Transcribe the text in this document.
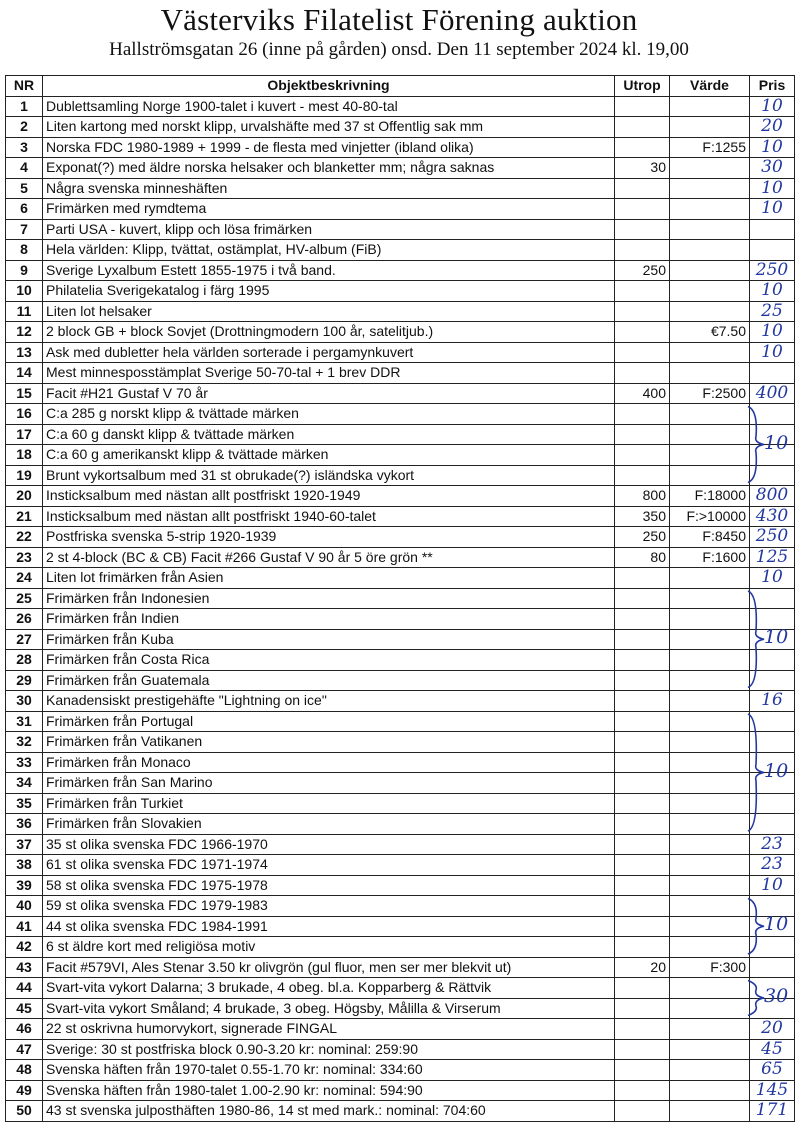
Västerviks Filatelist Förening auktion
Hallströmsgatan 26 (inne på gården) onsd. Den 11 september 2024 kl. 19,00
NR	Objektbeskrivning	Utrop	Värde	Pris
1	Dublettsamling Norge 1900-talet i kuvert - mest 40-80-tal			10
2	Liten kartong med norskt klipp, urvalshäfte med 37 st Offentlig sak mm			20
3	Norska FDC 1980-1989 + 1999 - de flesta med vinjetter (ibland olika)		F:1255	10
4	Exponat(?) med äldre norska helsaker och blanketter mm; några saknas	30		30
5	Några svenska minneshäften			10
6	Frimärken med rymdtema			10
7	Parti USA - kuvert, klipp och lösa frimärken			
8	Hela världen: Klipp, tvättat, ostämplat, HV-album (FiB)			
9	Sverige Lyxalbum Estett 1855-1975 i två band.	250		250
10	Philatelia Sverigekatalog i färg 1995			10
11	Liten lot helsaker			25
12	2 block GB + block Sovjet (Drottningmodern 100 år, satelitjub.)		€7.50	10
13	Ask med dubletter hela världen sorterade i pergamynkuvert			10
14	Mest minnesposstämplat Sverige 50-70-tal + 1 brev DDR			
15	Facit #H21 Gustaf V 70 år	400	F:2500	400
16	C:a 285 g norskt klipp & tvättade märken			
17	C:a 60 g danskt klipp & tvättade märken			
18	C:a 60 g amerikanskt klipp & tvättade märken			
19	Brunt vykortsalbum med 31 st obrukade(?) isländska vykort			
20	Insticksalbum med nästan allt postfriskt 1920-1949	800	F:18000	800
21	Insticksalbum med nästan allt postfriskt 1940-60-talet	350	F:>10000	430
22	Postfriska svenska 5-strip 1920-1939	250	F:8450	250
23	2 st 4-block (BC & CB) Facit #266 Gustaf V 90 år 5 öre grön **	80	F:1600	125
24	Liten lot frimärken från Asien			10
25	Frimärken från Indonesien			
26	Frimärken från Indien			
27	Frimärken från Kuba			
28	Frimärken från Costa Rica			
29	Frimärken från Guatemala			
30	Kanadensiskt prestigehäfte "Lightning on ice"			16
31	Frimärken från Portugal			
32	Frimärken från Vatikanen			
33	Frimärken från Monaco			
34	Frimärken från San Marino			
35	Frimärken från Turkiet			
36	Frimärken från Slovakien			
37	35 st olika svenska FDC 1966-1970			23
38	61 st olika svenska FDC 1971-1974			23
39	58 st olika svenska FDC 1975-1978			10
40	59 st olika svenska FDC 1979-1983			
41	44 st olika svenska FDC 1984-1991			
42	6 st äldre kort med religiösa motiv			
43	Facit #579VI, Ales Stenar 3.50 kr olivgrön (gul fluor, men ser mer blekvit ut)	20	F:300	
44	Svart-vita vykort Dalarna; 3 brukade, 4 obeg. bl.a. Kopparberg & Rättvik			
45	Svart-vita vykort Småland; 4 brukade, 3 obeg. Högsby, Målilla & Virserum			
46	22 st oskrivna humorvykort, signerade FINGAL			20
47	Sverige: 30 st postfriska block 0.90-3.20 kr: nominal: 259:90			45
48	Svenska häften från 1970-talet 0.55-1.70 kr: nominal: 334:60			65
49	Svenska häften från 1980-talet 1.00-2.90 kr: nominal: 594:90			145
50	43 st svenska julposthäften 1980-86, 14 st med mark.: nominal: 704:60			171
10
10
10
10
30
